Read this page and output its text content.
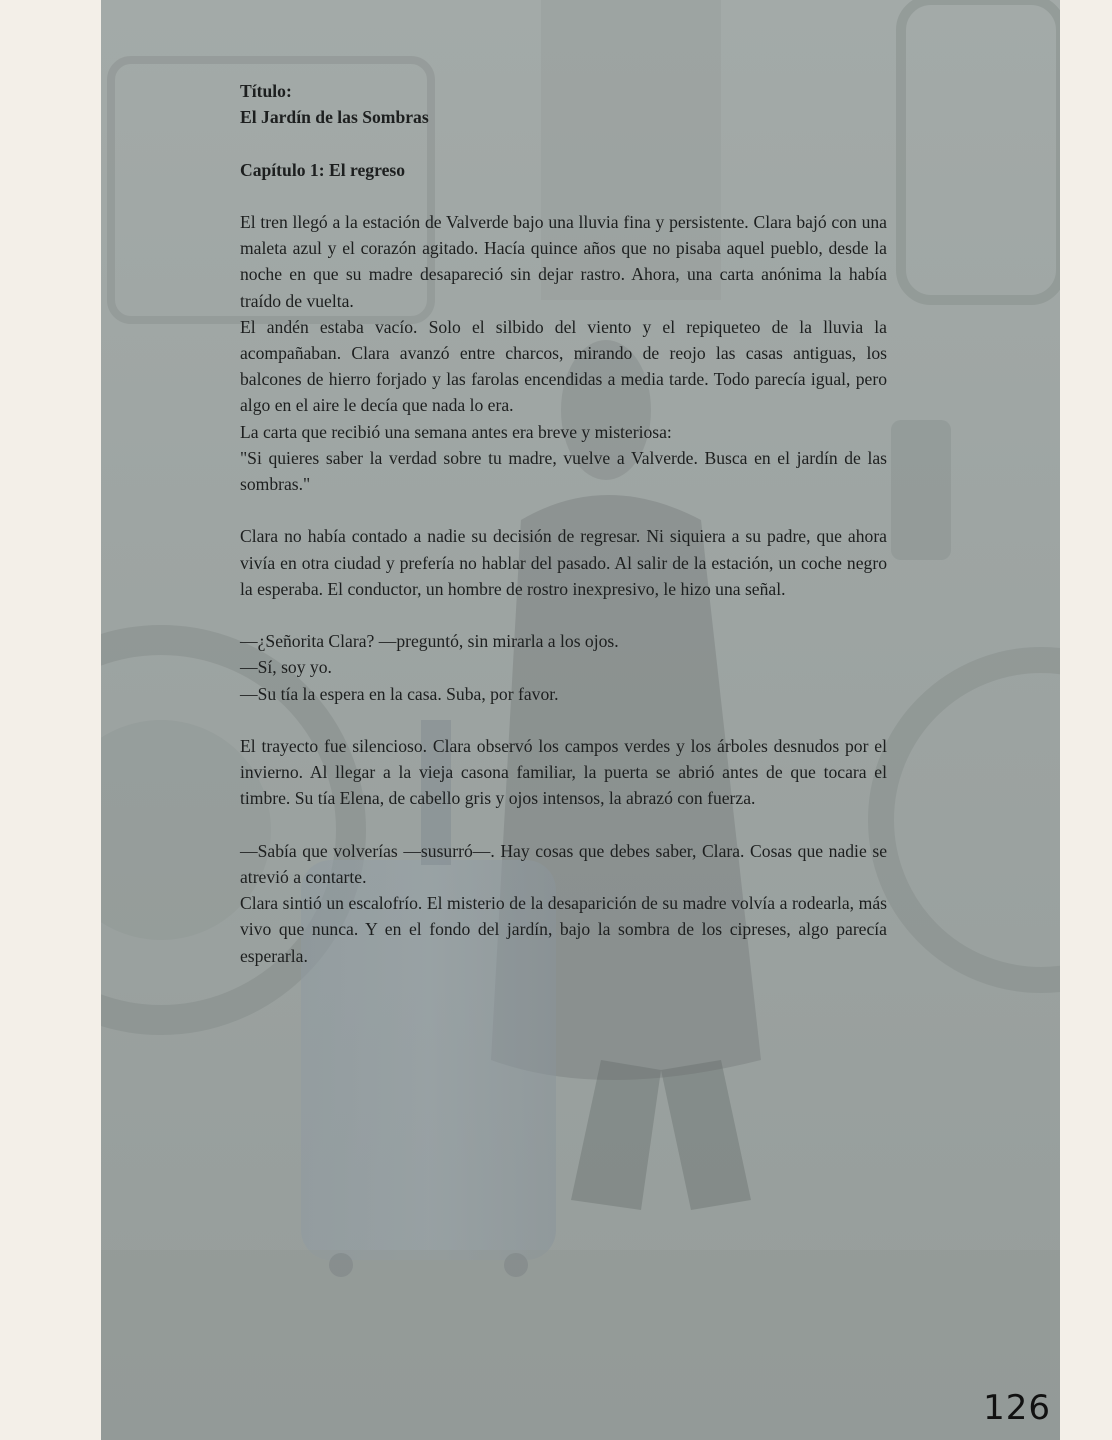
Título:

El Jardín de las Sombras

Capítulo 1: El regreso

El tren llegó a la estación de Valverde bajo una lluvia fina y persistente. Clara bajó con una maleta azul y el corazón agitado. Hacía quince años que no pisaba aquel pueblo, desde la noche en que su madre desapareció sin dejar rastro. Ahora, una carta anónima la había traído de vuelta.

El andén estaba vacío. Solo el silbido del viento y el repiqueteo de la lluvia la acompañaban. Clara avanzó entre charcos, mirando de reojo las casas antiguas, los balcones de hierro forjado y las farolas encendidas a media tarde. Todo parecía igual, pero algo en el aire le decía que nada lo era.

La carta que recibió una semana antes era breve y misteriosa:

"Si quieres saber la verdad sobre tu madre, vuelve a Valverde. Busca en el jardín de las sombras."

Clara no había contado a nadie su decisión de regresar. Ni siquiera a su padre, que ahora vivía en otra ciudad y prefería no hablar del pasado. Al salir de la estación, un coche negro la esperaba. El conductor, un hombre de rostro inexpresivo, le hizo una señal.

—¿Señorita Clara? —preguntó, sin mirarla a los ojos.

—Sí, soy yo.

—Su tía la espera en la casa. Suba, por favor.

El trayecto fue silencioso. Clara observó los campos verdes y los árboles desnudos por el invierno. Al llegar a la vieja casona familiar, la puerta se abrió antes de que tocara el timbre. Su tía Elena, de cabello gris y ojos intensos, la abrazó con fuerza.

—Sabía que volverías —susurró—. Hay cosas que debes saber, Clara. Cosas que nadie se atrevió a contarte.

Clara sintió un escalofrío. El misterio de la desaparición de su madre volvía a rodearla, más vivo que nunca. Y en el fondo del jardín, bajo la sombra de los cipreses, algo parecía esperarla.

126
